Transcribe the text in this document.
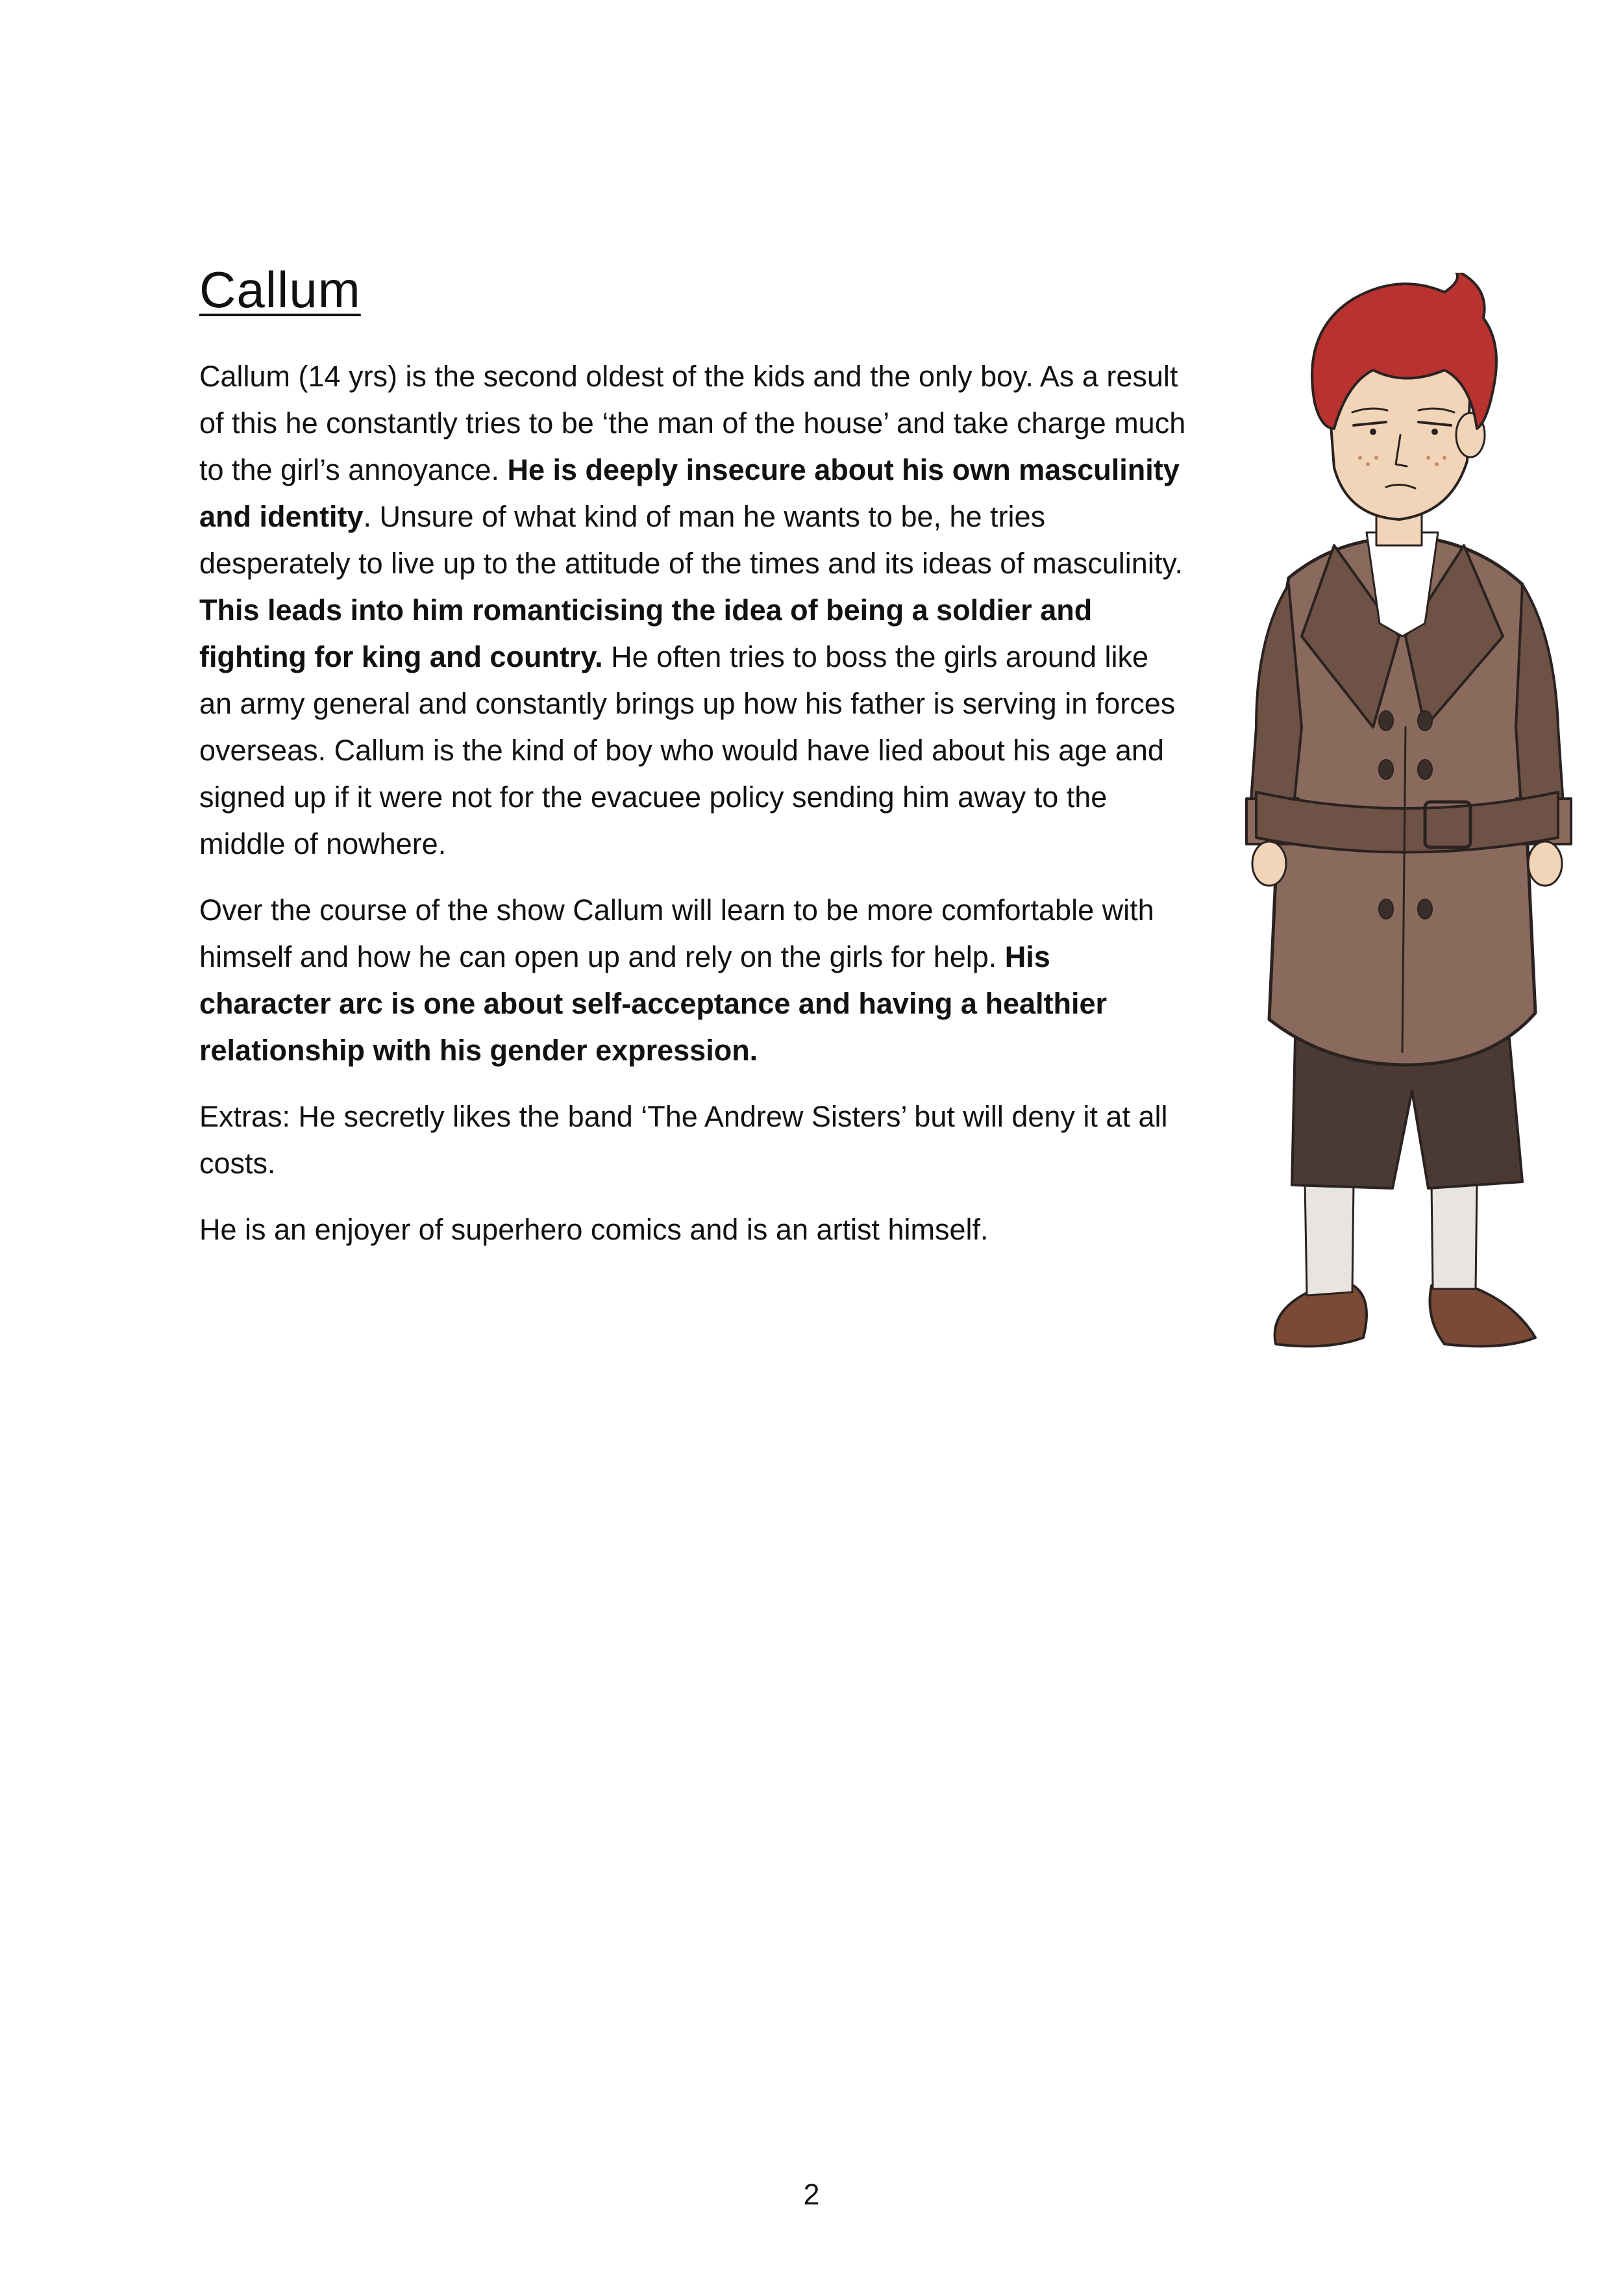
Callum

Callum (14 yrs) is the second oldest of the kids and the only boy. As a result of this he constantly tries to be ‘the man of the house’ and take charge much to the girl’s annoyance. He is deeply insecure about his own masculinity and identity. Unsure of what kind of man he wants to be, he tries desperately to live up to the attitude of the times and its ideas of masculinity. This leads into him romanticising the idea of being a soldier and fighting for king and country. He often tries to boss the girls around like an army general and constantly brings up how his father is serving in forces overseas. Callum is the kind of boy who would have lied about his age and signed up if it were not for the evacuee policy sending him away to the middle of nowhere.

Over the course of the show Callum will learn to be more comfortable with himself and how he can open up and rely on the girls for help. His character arc is one about self-acceptance and having a healthier relationship with his gender expression.

Extras: He secretly likes the band ‘The Andrew Sisters’ but will deny it at all costs.

He is an enjoyer of superhero comics and is an artist himself.

2
